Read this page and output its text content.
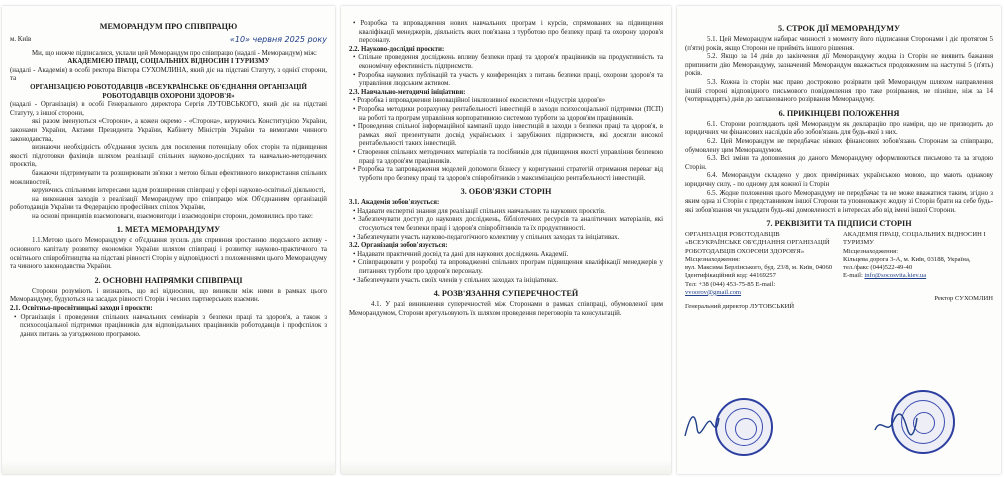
МЕМОРАНДУМ ПРО СПІВПРАЦЮ
м. Київ	«10» червня 2025 року

Ми, що нижче підписалися, уклали цей Меморандум про співпрацю (надалі - Меморандум) між:

АКАДЕМІЄЮ ПРАЦІ, СОЦІАЛЬНИХ ВІДНОСИН І ТУРИЗМУ

(надалі - Академія) в особі ректора Віктора СУХОМЛИНА, який діє на підставі Статуту, з однієї сторони, та

ОРГАНІЗАЦІЄЮ РОБОТОДАВЦІВ «ВСЕУКРАЇНСЬКЕ ОБ'ЄДНАННЯ ОРГАНІЗАЦІЙ РОБОТОДАВЦІВ ОХОРОНИ ЗДОРОВ'Я»

(надалі - Організація) в особі Генерального директора Сергія ЛУТОВСЬКОГО, який діє на підставі Статуту, з іншої сторони,

які разом іменуються «Сторони», а кожен окремо - «Сторона», керуючись Конституцією України, законами України, Актами Президента України, Кабінету Міністрів України та вимогами чинного законодавства,

визнаючи необхідність об'єднання зусиль для посилення потенціалу обох сторін та підвищення якості підготовки фахівців шляхом реалізації спільних науково-дослідних та навчально-методичних проєктів,

бажаючи підтримувати та розширювати зв'язки з метою більш ефективного використання спільних можливостей,

керуючись спільними інтересами задля розширення співпраці у сфері науково-освітньої діяльності,

на виконання заходів з реалізації Меморандуму про співпрацю між Об'єднанням організацій роботодавців України та Федерацією професійних спілок України,

на основі принципів взаємоповаги, взаємовигоди і взаємодовіри сторони, домовились про таке:

1. МЕТА МЕМОРАНДУМУ

1.1.Метою цього Меморандуму є об'єднання зусиль для сприяння зростанню людського активу - основного капіталу розвитку економіки України шляхом співпраці і розвитку науково-практичного та освітнього співробітництва на підставі рівності Сторін у відповідності з положеннями цього Меморандуму та чинного законодавства України.

2. ОСНОВНІ НАПРЯМКИ СПІВПРАЦІ

Сторони розуміють і визнають, що всі відносини, що виникли між ними в рамках цього Меморандуму, будуються на засадах рівності Сторін і чесних партнерських взаємин.

2.1. Освітньо-просвітницькі заходи і проєкти:

• Організація і проведення спільних навчальних семінарів з безпеки праці та здоров'я, а також з психосоціальної підтримки працівників для відповідальних працівників роботодавців і профспілок з даних питань за узгодженою програмою.

• Розробка та впровадження нових навчальних програм і курсів, спрямованих на підвищення кваліфікації менеджерів, діяльність яких пов'язана з турботою про безпеку праці та охорону здоров'я персоналу.

2.2. Науково-дослідні проєкти:

• Спільне проведення досліджень впливу безпеки праці та здоров'я працівників на продуктивність та економічну ефективність підприємств.

• Розробка наукових публікацій та участь у конференціях з питань безпеки праці, охорони здоров'я та управління людським активом.

2.3. Навчально-методичні ініціативи:

• Розробка і впровадження інноваційної інклюзивної екосистеми «Індустрія здоров'я»

• Розробка методики розрахунку рентабельності інвестицій в заходи психосоціальної підтримки (ПСП) на роботі та програм управління корпоративною системою турботи за здоров'ям працівників.

• Проведення спільної інформаційної кампанії щодо інвестицій в заходи з безпеки праці та здоров'я, в рамках якої презентувати досвід українських і зарубіжних підприємств, які досягли високої рентабельності таких інвестицій.

• Створення спільних методичних матеріалів та посібників для підвищення якості управління безпекою праці та здоров'ям працівників.

• Розробка та запровадження моделей допомоги бізнесу у коригуванні стратегій отримання переваг від турботи про безпеку праці та здоров'я співробітників з максимізацією рентабельності інвестицій.

3. ОБОВ'ЯЗКИ СТОРІН
3.1. Академія зобов'язується:

• Надавати експертні знання для реалізації спільних навчальних та наукових проєктів.

• Забезпечувати доступ до наукових досліджень, бібліотечних ресурсів та аналітичних матеріалів, які стосуються тем безпеки праці і здоров'я співробітників та їх продуктивності.

• Забезпечувати участь науково-педагогічного колективу у спільних заходах та ініціативах.

3.2. Організація зобов'язується:

• Надавати практичний досвід та дані для наукових досліджень Академії.

• Співпрацювати у розробці та впровадженні спільних програм підвищення кваліфікації менеджерів у питаннях турботи про здоров'я персоналу.

• Забезпечувати участь своїх членів у спільних заходах та ініціативах.

4. РОЗВ'ЯЗАННЯ СУПЕРЕЧНОСТЕЙ

4.1. У разі виникнення суперечностей між Сторонами в рамках співпраці, обумовленої цим Меморандумом, Сторони врегульовують їх шляхом проведення переговорів та консультацій.

5. СТРОК ДІЇ МЕМОРАНДУМУ

5.1. Цей Меморандум набирає чинності з моменту його підписання Сторонами і діє протягом 5 (п'яти) років, якщо Сторони не прийміть іншого рішення.

5.2. Якщо за 14 днів до закінчення дії Меморандуму жодна із Сторін не виявить бажання припинити дію Меморандуму, зазначений Меморандум вважається продовженим на наступні 5 (п'ять) років.

5.3. Кожна із сторін має право достроково розірвати цей Меморандум шляхом направлення іншій стороні відповідного письмового повідомлення про таке розірвання, не пізніше, ніж за 14 (чотирнадцять) днів до запланованого розірвання Меморандуму.

6. ПРИКІНЦЕВІ ПОЛОЖЕННЯ

6.1. Сторони розглядають цей Меморандум як декларацію про наміри, що не призводить до юридичних чи фінансових наслідків або зобов'язань для будь-якої з них.

6.2. Цей Меморандум не передбачає ніяких фінансових зобов'язань Сторонам за співпрацю, обумовлену цим Меморандумом.

6.3. Всі зміни та доповнення до даного Меморандуму оформлюються письмово та за згодою Сторін.

6.4. Меморандум складено у двох примірниках українською мовою, що мають однакову юридичну силу, - по одному для кожної із Сторін

6.5. Жодне положення цього Меморандуму не передбачає та не може вважатися таким, згідно з яким одна зі Сторін є представником іншої Сторони та уповноважує жодну зі Сторін брати на себе будь-які зобов'язання чи укладати будь-які домовленості в інтересах або від імені іншої Сторони.

7. РЕКВІЗИТИ ТА ПІДПИСИ СТОРІН

ОРГАНІЗАЦІЯ РОБОТОДАВЦІВ «ВСЕУКРАЇНСЬКЕ ОБ'ЄДНАННЯ ОРГАНІЗАЦІЙ РОБОТОДАВЦІВ ОХОРОНИ ЗДОРОВ'Я»

Місцезнаходження:

вул. Максима Берлінського, буд. 23/8, м. Київ, 04060

Ідентифікаційний код: 44169257

Тел: +38 (044) 453-75-85 E-mail:

vvoorov@gmail.com

Генеральний директор ЛУТОВСЬКИЙ

АКАДЕМІЯ ПРАЦІ, СОЦІАЛЬНИХ ВІДНОСИН І ТУРИЗМУ

Місцезнаходження:

Кільцева дорога 3-А, м. Київ, 03188, Україна,

тел./факс (044)522-49-40

E-mail: info@socosvita.kiev.ua

Ректор СУХОМЛИН
